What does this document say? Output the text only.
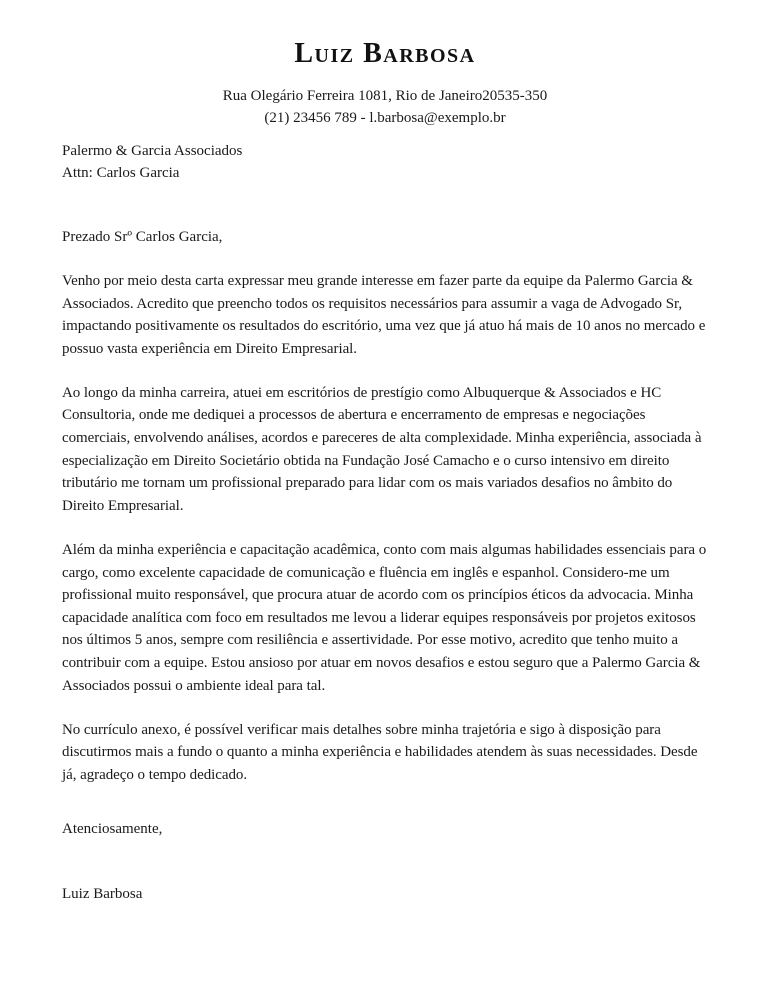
Luiz Barbosa

Rua Olegário Ferreira 1081, Rio de Janeiro20535-350

(21) 23456 789 - l.barbosa@exemplo.br

Palermo & Garcia Associados

Attn: Carlos Garcia

Prezado Srº Carlos Garcia,

Venho por meio desta carta expressar meu grande interesse em fazer parte da equipe da Palermo Garcia & Associados. Acredito que preencho todos os requisitos necessários para assumir a vaga de Advogado Sr, impactando positivamente os resultados do escritório, uma vez que já atuo há mais de 10 anos no mercado e possuo vasta experiência em Direito Empresarial.

Ao longo da minha carreira, atuei em escritórios de prestígio como Albuquerque & Associados e HC Consultoria, onde me dediquei a processos de abertura e encerramento de empresas e negociações comerciais, envolvendo análises, acordos e pareceres de alta complexidade. Minha experiência, associada à especialização em Direito Societário obtida na Fundação José Camacho e o curso intensivo em direito tributário me tornam um profissional preparado para lidar com os mais variados desafios no âmbito do Direito Empresarial.

Além da minha experiência e capacitação acadêmica, conto com mais algumas habilidades essenciais para o cargo, como excelente capacidade de comunicação e fluência em inglês e espanhol. Considero-me um profissional muito responsável, que procura atuar de acordo com os princípios éticos da advocacia. Minha capacidade analítica com foco em resultados me levou a liderar equipes responsáveis por projetos exitosos nos últimos 5 anos, sempre com resiliência e assertividade. Por esse motivo, acredito que tenho muito a contribuir com a equipe. Estou ansioso por atuar em novos desafios e estou seguro que a Palermo Garcia & Associados possui o ambiente ideal para tal.

No currículo anexo, é possível verificar mais detalhes sobre minha trajetória e sigo à disposição para discutirmos mais a fundo o quanto a minha experiência e habilidades atendem às suas necessidades. Desde já, agradeço o tempo dedicado.

Atenciosamente,

Luiz Barbosa
